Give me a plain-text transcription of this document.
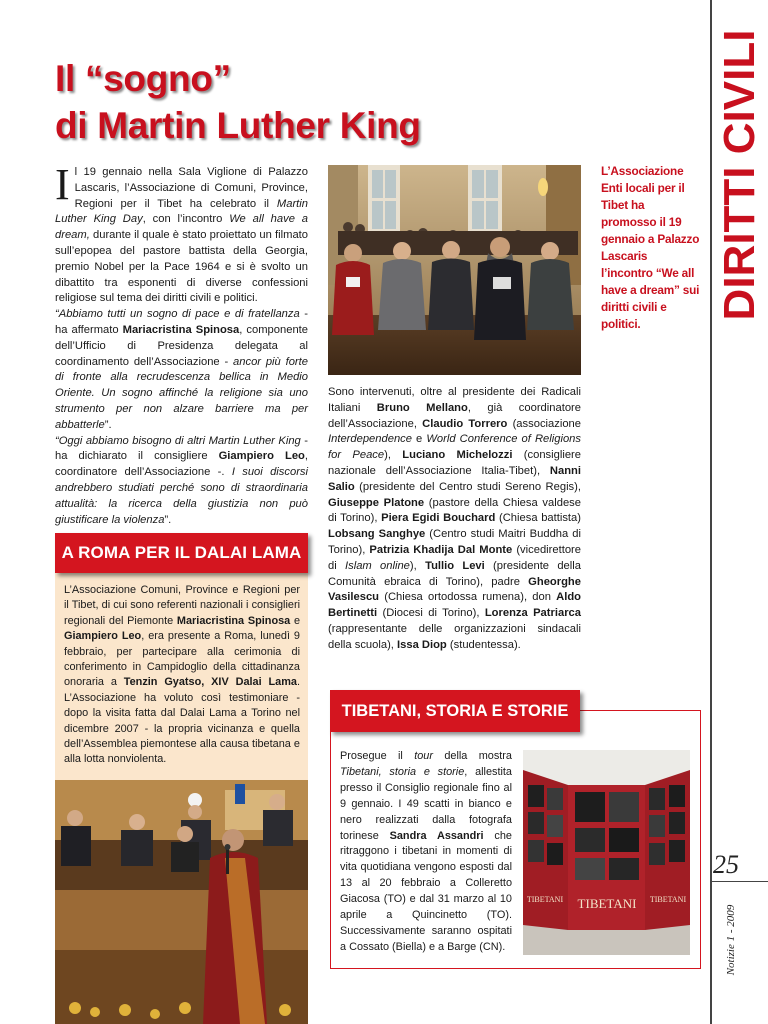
Il “sogno”
di Martin Luther King	DIRITTI CIVILI
25
Notizie 1 - 2009

Il 19 gennaio nella Sala Viglione di Palazzo Lascaris, l’Associazione di Comuni, Province, Regioni per il Tibet ha celebrato il Martin Luther King Day, con l’incontro We all have a dream, durante il quale è stato proiettato un filmato sull’epopea del pastore battista della Georgia, premio Nobel per la Pace 1964 e si è svolto un dibattito tra esponenti di diverse confessioni religiose sul tema dei diritti civili e politici.

“Abbiamo tutti un sogno di pace e di fratellanza - ha affermato Mariacristina Spinosa, componente dell’Ufficio di Presidenza delegata al coordinamento dell’Associazione - ancor più forte di fronte alla recrudescenza bellica in Medio Oriente. Un sogno affinché la religione sia uno strumento per non alzare barriere ma per abbatterle”.

“Oggi abbiamo bisogno di altri Martin Luther King - ha dichiarato il consigliere Giampiero Leo, coordinatore dell’Associazione -. I suoi discorsi andrebbero studiati perché sono di straordinaria attualità: la ricerca della giustizia non può giustificare la violenza”.

L’Associazione Enti locali per il Tibet ha promosso il 19 gennaio a Palazzo Lascaris l’incontro “We all have a dream” sui diritti civili e politici.

Sono intervenuti, oltre al presidente dei Radicali Italiani Bruno Mellano, già coordinatore dell’Associazione, Claudio Torrero (associazione Interdependence e World Conference of Religions for Peace), Luciano Michelozzi (consigliere nazionale dell’Associazione Italia-Tibet), Nanni Salio (presidente del Centro studi Sereno Regis), Giuseppe Platone (pastore della Chiesa valdese di Torino), Piera Egidi Bouchard (Chiesa battista) Lobsang Sanghye (Centro studi Maitri Buddha di Torino), Patrizia Khadija Dal Monte (vicedirettore di Islam online), Tullio Levi (presidente della Comunità ebraica di Torino), padre Gheorghe Vasilescu (Chiesa ortodossa rumena), don Aldo Bertinetti (Diocesi di Torino), Lorenza Patriarca (rappresentante delle organizzazioni sindacali della scuola), Issa Diop (studentessa).

A ROMA PER IL DALAI LAMA
L’Associazione Comuni, Province e Regioni per il Tibet, di cui sono referenti nazionali i consiglieri regionali del Piemonte Mariacristina Spinosa e Giampiero Leo, era presente a Roma, lunedì 9 febbraio, per partecipare alla cerimonia di conferimento in Campidoglio della cittadinanza onoraria a Tenzin Gyatso, XIV Dalai Lama. L’Associazione ha voluto così testimoniare - dopo la visita fatta dal Dalai Lama a Torino nel dicembre 2007 - la propria vicinanza e quella dell’Assemblea piemontese alla causa tibetana e alla lotta nonviolenta.
TIBETANI, STORIA E STORIE
Prosegue il tour della mostra Tibetani, storia e storie, allestita presso il Consiglio regionale fino al 9 gennaio. I 49 scatti in bianco e nero realizzati dalla fotografa torinese Sandra Assandri che ritraggono i tibetani in momenti di vita quotidiana vengono esposti dal 13 al 20 febbraio a Colleretto Giacosa (TO) e dal 31 marzo al 10 aprile a Quincinetto (TO). Successivamente saranno ospitati a Cossato (Biella) e a Barge (CN).
TIBETANI
TIBETANI	TIBETANI
